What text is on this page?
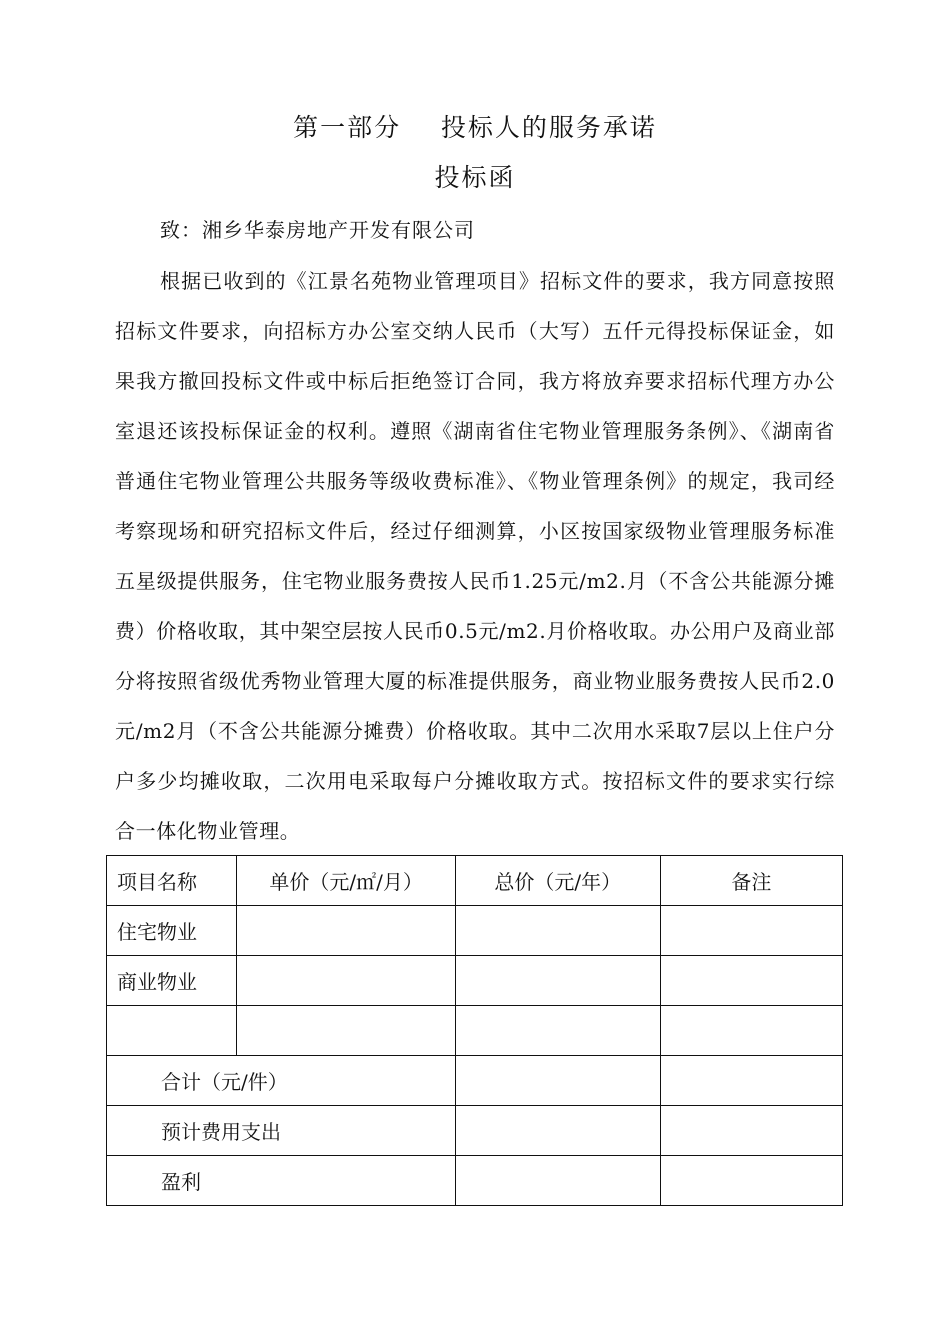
第一部分    投标人的服务承诺
投标函
致：湘乡华泰房地产开发有限公司
根据已收到的《江景名苑物业管理项目》招标文件的要求，我方同意按照招标文件要求，向招标方办公室交纳人民币（大写）五仟元得投标保证金，如果我方撤回投标文件或中标后拒绝签订合同，我方将放弃要求招标代理方办公室退还该投标保证金的权利。遵照《湖南省住宅物业管理服务条例》、《湖南省普通住宅物业管理公共服务等级收费标准》、《物业管理条例》的规定，我司经考察现场和研究招标文件后，经过仔细测算，小区按国家级物业管理服务标准五星级提供服务，住宅物业服务费按人民币1.25元/m2.月（不含公共能源分摊费）价格收取，其中架空层按人民币0.5元/m2.月价格收取。办公用户及商业部分将按照省级优秀物业管理大厦的标准提供服务，商业物业服务费按人民币2.0元/m2月（不含公共能源分摊费）价格收取。其中二次用水采取7层以上住户分户多少均摊收取，二次用电采取每户分摊收取方式。按招标文件的要求实行综合一体化物业管理。
项目名称	单价（元/㎡/月）	总价（元/年）	备注
住宅物业			
商业物业			

合计（元/件）			
预计费用支出			
盈利			
